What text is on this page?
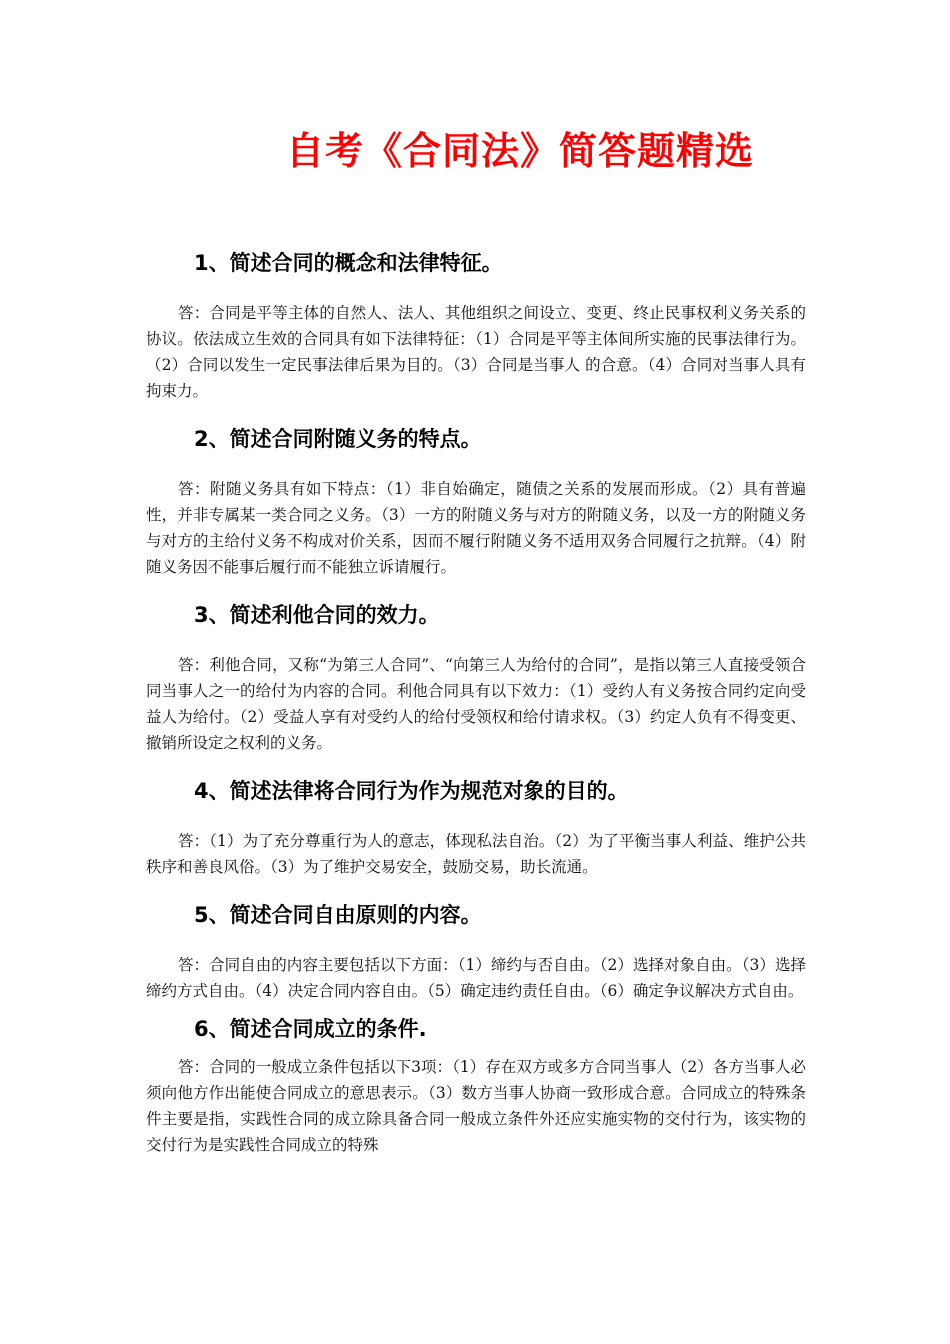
自考《合同法》简答题精选
1、简述合同的概念和法律特征。

答：合同是平等主体的自然人、法人、其他组织之间设立、变更、终止民事权利义务关系的协议。依法成立生效的合同具有如下法律特征：（1）合同是平等主体间所实施的民事法律行为。（2）合同以发生一定民事法律后果为目的。（3）合同是当事人 的合意。（4）合同对当事人具有拘束力。

2、简述合同附随义务的特点。

答：附随义务具有如下特点：（1）非自始确定，随债之关系的发展而形成。（2）具有普遍性，并非专属某一类合同之义务。（3）一方的附随义务与对方的附随义务，以及一方的附随义务与对方的主给付义务不构成对价关系，因而不履行附随义务不适用双务合同履行之抗辩。（4）附随义务因不能事后履行而不能独立诉请履行。

3、简述利他合同的效力。

答：利他合同，又称“为第三人合同”、“向第三人为给付的合同”，是指以第三人直接受领合同当事人之一的给付为内容的合同。利他合同具有以下效力：（1）受约人有义务按合同约定向受益人为给付。（2）受益人享有对受约人的给付受领权和给付请求权。（3）约定人负有不得变更、撤销所设定之权利的义务。

4、简述法律将合同行为作为规范对象的目的。

答：（1）为了充分尊重行为人的意志，体现私法自治。（2）为了平衡当事人利益、维护公共秩序和善良风俗。（3）为了维护交易安全，鼓励交易，助长流通。

5、简述合同自由原则的内容。

答：合同自由的内容主要包括以下方面：（1）缔约与否自由。（2）选择对象自由。（3）选择缔约方式自由。（4）决定合同内容自由。（5）确定违约责任自由。（6）确定争议解决方式自由。

6、简述合同成立的条件.

答：合同的一般成立条件包括以下3项：（1）存在双方或多方合同当事人（2）各方当事人必须向他方作出能使合同成立的意思表示。（3）数方当事人协商一致形成合意。合同成立的特殊条件主要是指，实践性合同的成立除具备合同一般成立条件外还应实施实物的交付行为，该实物的交付行为是实践性合同成立的特殊
